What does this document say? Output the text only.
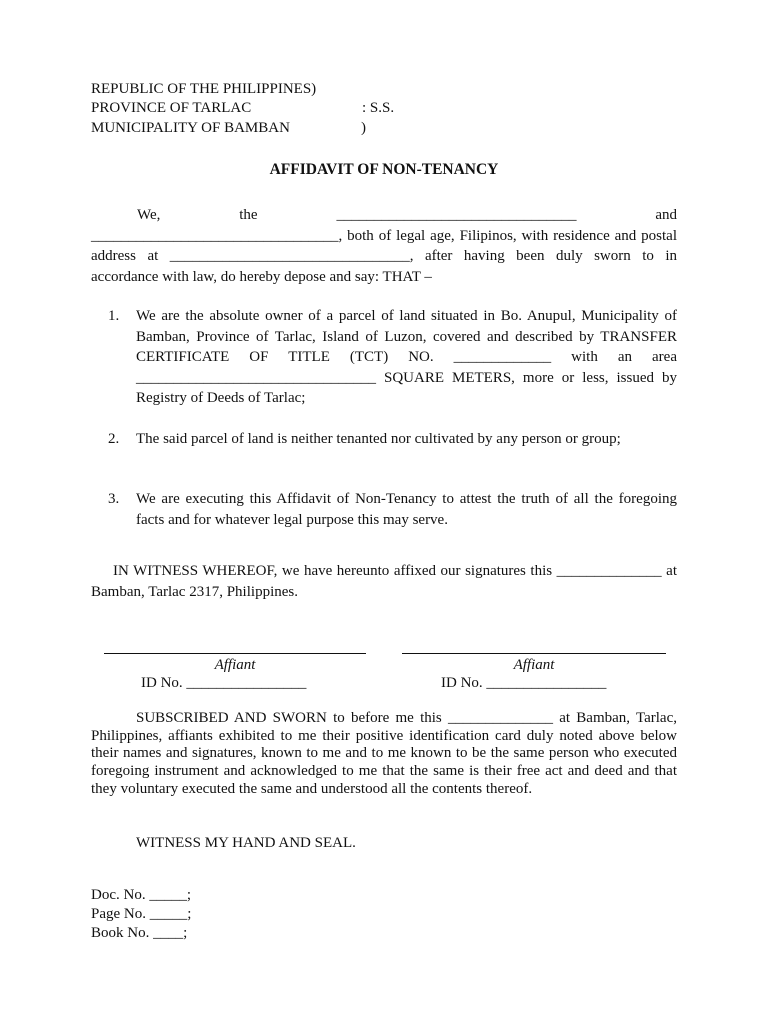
REPUBLIC OF THE PHILIPPINES)
PROVINCE OF TARLAC	: S.S.
MUNICIPALITY OF BAMBAN	)
AFFIDAVIT OF NON-TENANCY
We, the ________________________________ and _________________________________, both of legal age, Filipinos, with residence and postal address at ________________________________, after having been duly sworn to in accordance with law, do hereby depose and say: THAT –
1. We are the absolute owner of a parcel of land situated in Bo. Anupul, Municipality of Bamban, Province of Tarlac, Island of Luzon, covered and described by TRANSFER CERTIFICATE OF TITLE (TCT) NO. _____________ with an area ________________________________ SQUARE METERS, more or less, issued by Registry of Deeds of Tarlac;
2. The said parcel of land is neither tenanted nor cultivated by any person or group;
3. We are executing this Affidavit of Non-Tenancy to attest the truth of all the foregoing facts and for whatever legal purpose this may serve.
IN WITNESS WHEREOF, we have hereunto affixed our signatures this ______________ at Bamban, Tarlac 2317, Philippines.
Affiant	Affiant
ID No. ________________	ID No. ________________
SUBSCRIBED AND SWORN to before me this ______________ at Bamban, Tarlac, Philippines, affiants exhibited to me their positive identification card duly noted above below their names and signatures, known to me and to me known to be the same person who executed foregoing instrument and acknowledged to me that the same is their free act and deed and that they voluntary executed the same and understood all the contents thereof.
WITNESS MY HAND AND SEAL.
Doc. No. _____;
Page No. _____;
Book No. ____;
